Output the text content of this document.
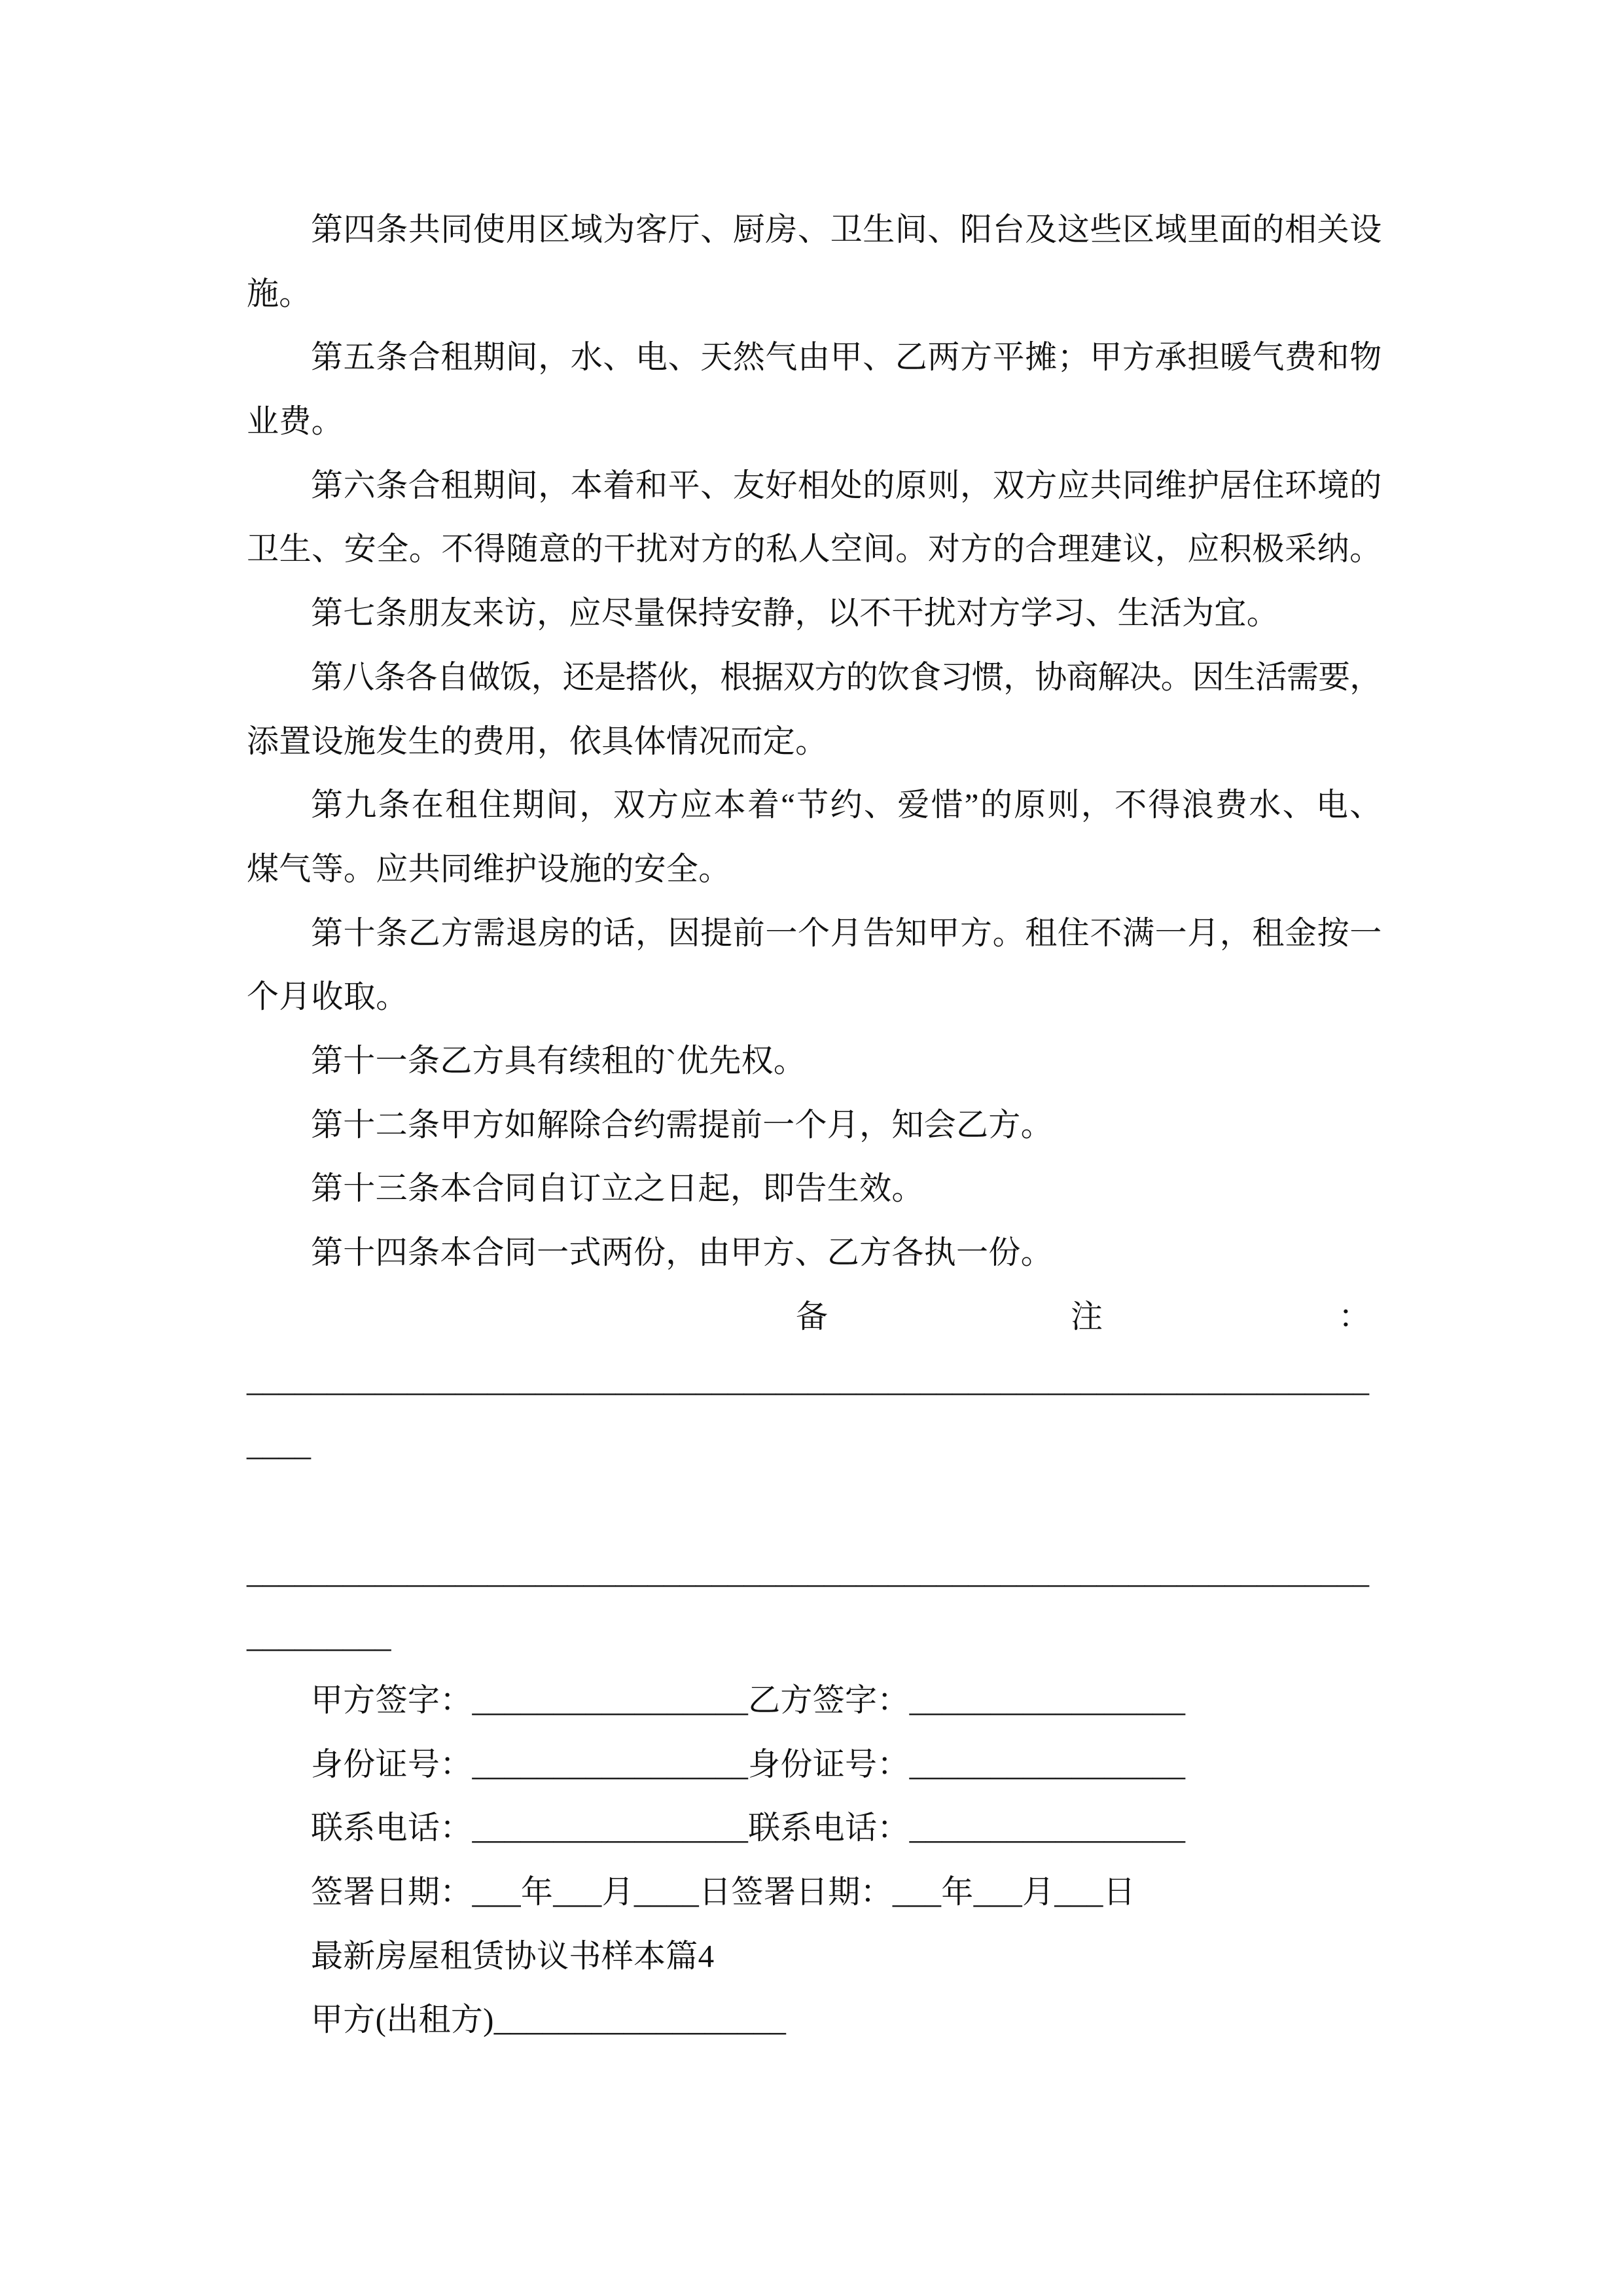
第四条共同使用区域为客厅、厨房、卫生间、阳台及这些区域里面的相关设
施。
第五条合租期间，水、电、天然气由甲、乙两方平摊；甲方承担暖气费和物
业费。
第六条合租期间，本着和平、友好相处的原则，双方应共同维护居住环境的
卫生、安全。不得随意的干扰对方的私人空间。对方的合理建议，应积极采纳。
第七条朋友来访，应尽量保持安静，以不干扰对方学习、生活为宜。
第八条各自做饭，还是搭伙，根据双方的饮食习惯，协商解决。因生活需要，
添置设施发生的费用，依具体情况而定。
第九条在租住期间，双方应本着“节约、爱惜”的原则，不得浪费水、电、
煤气等。应共同维护设施的安全。
第十条乙方需退房的话，因提前一个月告知甲方。租住不满一月，租金按一
个月收取。
第十一条乙方具有续租的`优先权。
第十二条甲方如解除合约需提前一个月，知会乙方。
第十三条本合同自订立之日起，即告生效。
第十四条本合同一式两份，由甲方、乙方各执一份。
备	注	：
__________________________________________________________________________
_______________________________________________________________________________
甲方签字：_________________乙方签字：_________________
身份证号：_________________身份证号：_________________
联系电话：_________________联系电话：_________________
签署日期：___年___月____日签署日期：___年___月___日
最新房屋租赁协议书样本篇4
甲方(出租方)__________________
